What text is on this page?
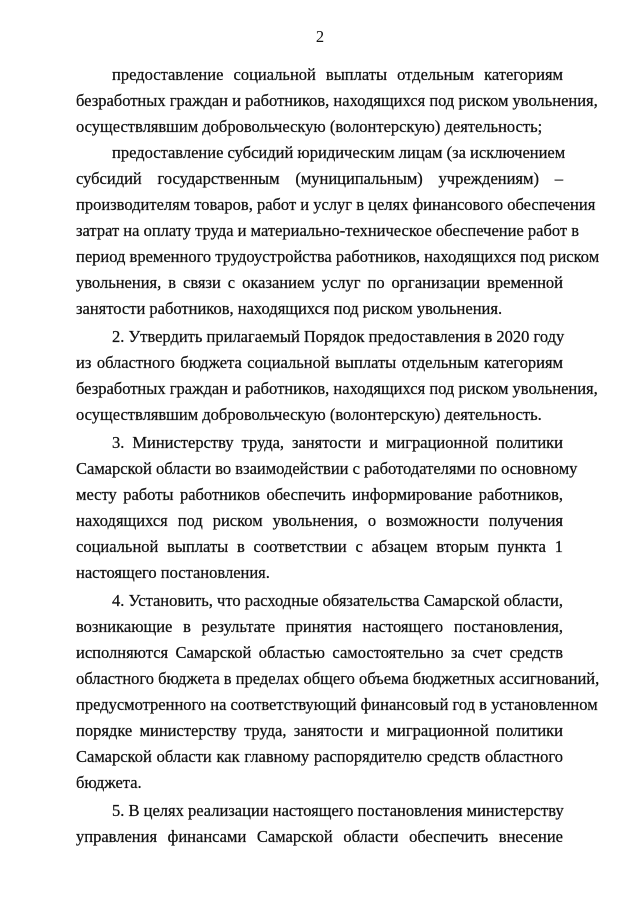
2
предоставление социальной выплаты отдельным категориям
безработных граждан и работников, находящихся под риском увольнения,
осуществлявшим добровольческую (волонтерскую) деятельность;
предоставление субсидий юридическим лицам (за исключением
субсидий государственным (муниципальным) учреждениям) –
производителям товаров, работ и услуг в целях финансового обеспечения
затрат на оплату труда и материально-техническое обеспечение работ в
период временного трудоустройства работников, находящихся под риском
увольнения, в связи с оказанием услуг по организации временной
занятости работников, находящихся под риском увольнения.
2. Утвердить прилагаемый Порядок предоставления в 2020 году
из областного бюджета социальной выплаты отдельным категориям
безработных граждан и работников, находящихся под риском увольнения,
осуществлявшим добровольческую (волонтерскую) деятельность.
3. Министерству труда, занятости и миграционной политики
Самарской области во взаимодействии с работодателями по основному
месту работы работников обеспечить информирование работников,
находящихся под риском увольнения, о возможности получения
социальной выплаты в соответствии с абзацем вторым пункта 1
настоящего постановления.
4. Установить, что расходные обязательства Самарской области,
возникающие в результате принятия настоящего постановления,
исполняются Самарской областью самостоятельно за счет средств
областного бюджета в пределах общего объема бюджетных ассигнований,
предусмотренного на соответствующий финансовый год в установленном
порядке министерству труда, занятости и миграционной политики
Самарской области как главному распорядителю средств областного
бюджета.
5. В целях реализации настоящего постановления министерству
управления финансами Самарской области обеспечить внесение
